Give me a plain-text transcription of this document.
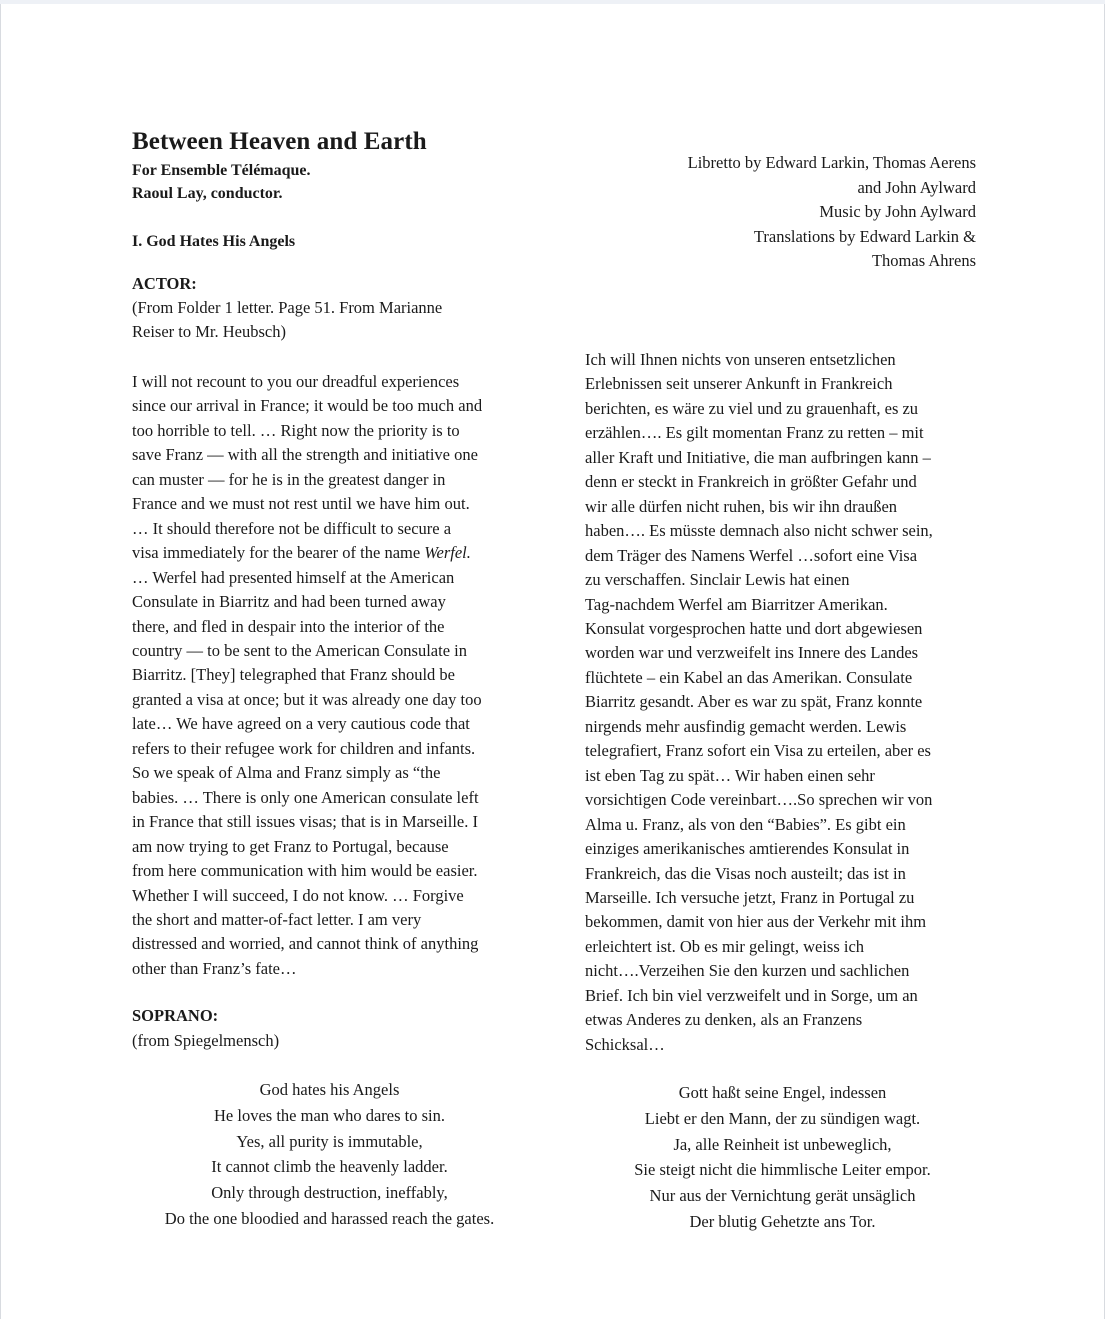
Between Heaven and Earth
For Ensemble Télémaque.
Raoul Lay, conductor.
I. God Hates His Angels
Libretto by Edward Larkin, Thomas Aerens
and John Aylward
Music by John Aylward
Translations by Edward Larkin &
Thomas Ahrens
ACTOR:
(From Folder 1 letter. Page 51. From Marianne
Reiser to Mr. Heubsch)
I will not recount to you our dreadful experiences
since our arrival in France; it would be too much and
too horrible to tell. … Right now the priority is to
save Franz — with all the strength and initiative one
can muster — for he is in the greatest danger in
France and we must not rest until we have him out.
… It should therefore not be difficult to secure a
visa immediately for the bearer of the name Werfel.
… Werfel had presented himself at the American
Consulate in Biarritz and had been turned away
there, and fled in despair into the interior of the
country — to be sent to the American Consulate in
Biarritz. [They] telegraphed that Franz should be
granted a visa at once; but it was already one day too
late… We have agreed on a very cautious code that
refers to their refugee work for children and infants.
So we speak of Alma and Franz simply as “the
babies. … There is only one American consulate left
in France that still issues visas; that is in Marseille. I
am now trying to get Franz to Portugal, because
from here communication with him would be easier.
Whether I will succeed, I do not know. … Forgive
the short and matter-of-fact letter. I am very
distressed and worried, and cannot think of anything
other than Franz’s fate…
SOPRANO:
(from Spiegelmensch)
God hates his Angels
He loves the man who dares to sin.
Yes, all purity is immutable,
It cannot climb the heavenly ladder.
Only through destruction, ineffably,
Do the one bloodied and harassed reach the gates.
Ich will Ihnen nichts von unseren entsetzlichen
Erlebnissen seit unserer Ankunft in Frankreich
berichten, es wäre zu viel und zu grauenhaft, es zu
erzählen…. Es gilt momentan Franz zu retten – mit
aller Kraft und Initiative, die man aufbringen kann –
denn er steckt in Frankreich in größter Gefahr und
wir alle dürfen nicht ruhen, bis wir ihn draußen
haben…. Es müsste demnach also nicht schwer sein,
dem Träger des Namens Werfel …sofort eine Visa
zu verschaffen. Sinclair Lewis hat einen
Tag-nachdem Werfel am Biarritzer Amerikan.
Konsulat vorgesprochen hatte und dort abgewiesen
worden war und verzweifelt ins Innere des Landes
flüchtete – ein Kabel an das Amerikan. Consulate
Biarritz gesandt. Aber es war zu spät, Franz konnte
nirgends mehr ausfindig gemacht werden. Lewis
telegrafiert, Franz sofort ein Visa zu erteilen, aber es
ist eben Tag zu spät… Wir haben einen sehr
vorsichtigen Code vereinbart….So sprechen wir von
Alma u. Franz, als von den “Babies”. Es gibt ein
einziges amerikanisches amtierendes Konsulat in
Frankreich, das die Visas noch austeilt; das ist in
Marseille. Ich versuche jetzt, Franz in Portugal zu
bekommen, damit von hier aus der Verkehr mit ihm
erleichtert ist. Ob es mir gelingt, weiss ich
nicht….Verzeihen Sie den kurzen und sachlichen
Brief. Ich bin viel verzweifelt und in Sorge, um an
etwas Anderes zu denken, als an Franzens
Schicksal…
Gott haßt seine Engel, indessen
Liebt er den Mann, der zu sündigen wagt.
Ja, alle Reinheit ist unbeweglich,
Sie steigt nicht die himmlische Leiter empor.
Nur aus der Vernichtung gerät unsäglich
Der blutig Gehetzte ans Tor.
